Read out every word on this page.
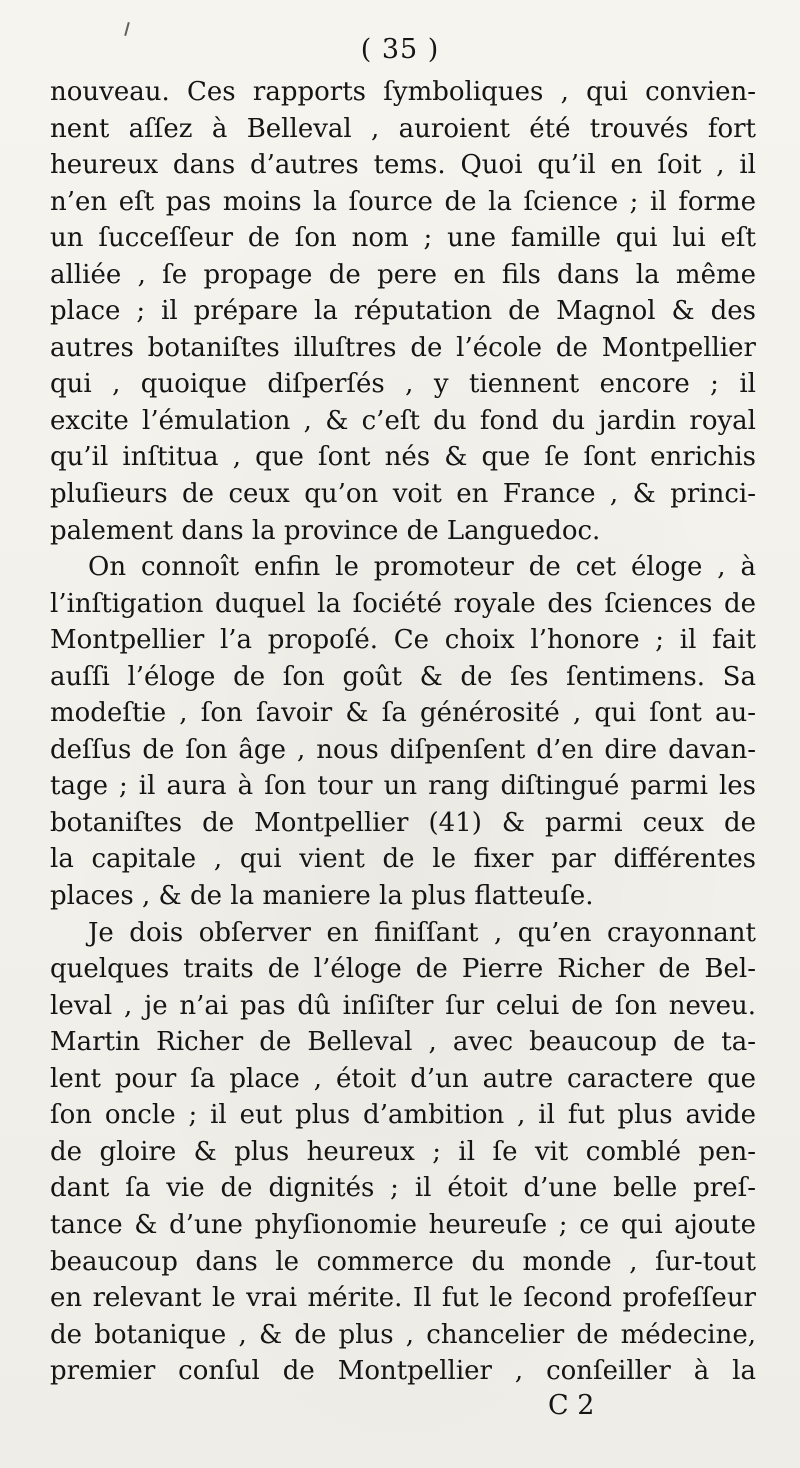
( 35 )
nouveau. Ces rapports ſymboliques , qui convien-
nent aſſez à Belleval , auroient été trouvés fort
heureux dans d’autres tems. Quoi qu’il en ſoit , il
n’en eſt pas moins la ſource de la ſcience ; il forme
un ſucceſſeur de ſon nom ; une famille qui lui eſt
alliée , ſe propage de pere en fils dans la même
place ; il prépare la réputation de Magnol & des
autres botaniſtes illuſtres de l’école de Montpellier
qui , quoique diſperſés , y tiennent encore ; il
excite l’émulation , & c’eſt du fond du jardin royal
qu’il inſtitua , que ſont nés & que ſe ſont enrichis
pluſieurs de ceux qu’on voit en France , & princi-
palement dans la province de Languedoc.
On connoît enfin le promoteur de cet éloge , à
l’inſtigation duquel la ſociété royale des ſciences de
Montpellier l’a propoſé. Ce choix l’honore ; il fait
auſſi l’éloge de ſon goût & de ſes ſentimens. Sa
modeſtie , ſon ſavoir & ſa générosité , qui ſont au-
deſſus de ſon âge , nous diſpenſent d’en dire davan-
tage ; il aura à ſon tour un rang diſtingué parmi les
botaniſtes de Montpellier (41) & parmi ceux de
la capitale , qui vient de le fixer par différentes
places , & de la maniere la plus flatteuſe.
Je dois obſerver en finiſſant , qu’en crayonnant
quelques traits de l’éloge de Pierre Richer de Bel-
leval , je n’ai pas dû inſiſter ſur celui de ſon neveu.
Martin Richer de Belleval , avec beaucoup de ta-
lent pour ſa place , étoit d’un autre caractere que
ſon oncle ; il eut plus d’ambition , il fut plus avide
de gloire & plus heureux ; il ſe vit comblé pen-
dant ſa vie de dignités ; il étoit d’une belle preſ-
tance & d’une phyſionomie heureuſe ; ce qui ajoute
beaucoup dans le commerce du monde , ſur-tout
en relevant le vrai mérite. Il fut le ſecond profeſſeur
de botanique , & de plus , chancelier de médecine,
premier conſul de Montpellier , conſeiller à la
C 2
